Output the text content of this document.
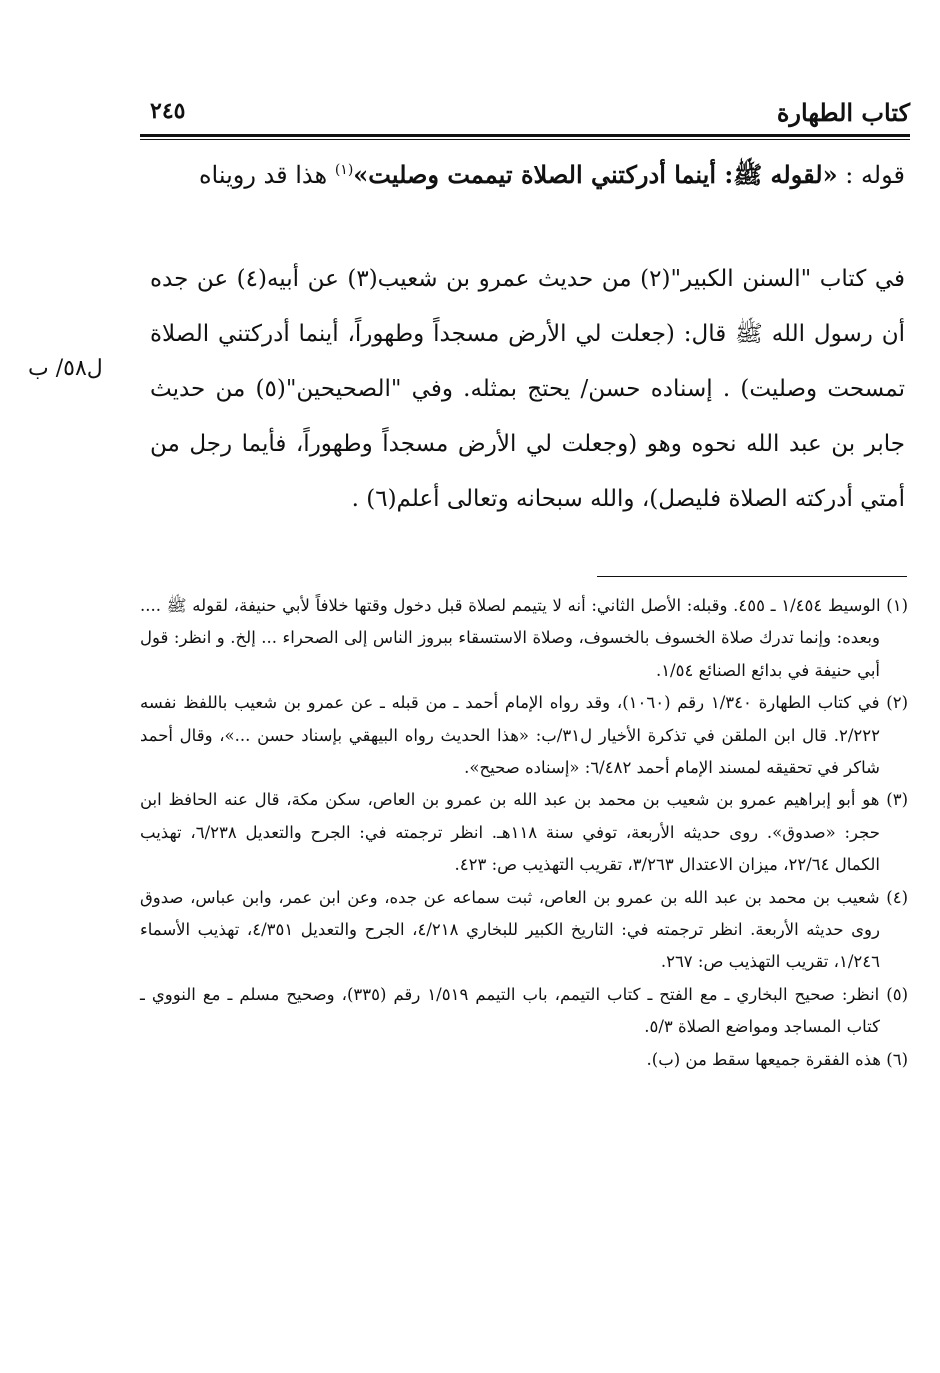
كتاب الطهارة
٢٤٥
قوله : «لقوله ﷺ: أينما أدركتني الصلاة تيممت وصليت»$^{(١)}$ هذا قد رويناه

في كتاب "السنن الكبير"(٢) من حديث عمرو بن شعيب(٣) عن أبيه(٤) عن جده أن رسول الله ﷺ قال: (جعلت لي الأرض مسجداً وطهوراً، أينما أدركتني الصلاة تمسحت وصليت) . إسناده حسن/ يحتج بمثله. وفي "الصحيحين"(٥) من حديث جابر بن عبد الله نحوه وهو (وجعلت لي الأرض مسجداً وطهوراً، فأيما رجل من أمتي أدركته الصلاة فليصل)، والله سبحانه وتعالى أعلم(٦) .

ل٥٨/ ب

(١) الوسيط ١/٤٥٤ ـ ٤٥٥. وقبله: الأصل الثاني: أنه لا يتيمم لصلاة قبل دخول وقتها خلافاً لأبي حنيفة، لقوله ﷺ .... وبعده: وإنما تدرك صلاة الخسوف بالخسوف، وصلاة الاستسقاء ببروز الناس إلى الصحراء ... إلخ. و انظر: قول أبي حنيفة في بدائع الصنائع ١/٥٤.

(٢) في كتاب الطهارة ١/٣٤٠ رقم (١٠٦٠)، وقد رواه الإمام أحمد ـ من قبله ـ عن عمرو بن شعيب باللفظ نفسه ٢/٢٢٢. قال ابن الملقن في تذكرة الأخيار ل٣١/ب: «هذا الحديث رواه البيهقي بإسناد حسن ...»، وقال أحمد شاكر في تحقيقه لمسند الإمام أحمد ٦/٤٨٢: «إسناده صحيح».

(٣) هو أبو إبراهيم عمرو بن شعيب بن محمد بن عبد الله بن عمرو بن العاص، سكن مكة، قال عنه الحافظ ابن حجر: «صدوق». روى حديثه الأربعة، توفي سنة ١١٨هـ. انظر ترجمته في: الجرح والتعديل ٦/٢٣٨، تهذيب الكمال ٢٢/٦٤، ميزان الاعتدال ٣/٢٦٣، تقريب التهذيب ص: ٤٢٣.

(٤) شعيب بن محمد بن عبد الله بن عمرو بن العاص، ثبت سماعه عن جده، وعن ابن عمر، وابن عباس، صدوق روى حديثه الأربعة. انظر ترجمته في: التاريخ الكبير للبخاري ٤/٢١٨، الجرح والتعديل ٤/٣٥١، تهذيب الأسماء ١/٢٤٦، تقريب التهذيب ص: ٢٦٧.

(٥) انظر: صحيح البخاري ـ مع الفتح ـ كتاب التيمم، باب التيمم ١/٥١٩ رقم (٣٣٥)، وصحيح مسلم ـ مع النووي ـ كتاب المساجد ومواضع الصلاة ٥/٣.

(٦) هذه الفقرة جميعها سقط من (ب).
